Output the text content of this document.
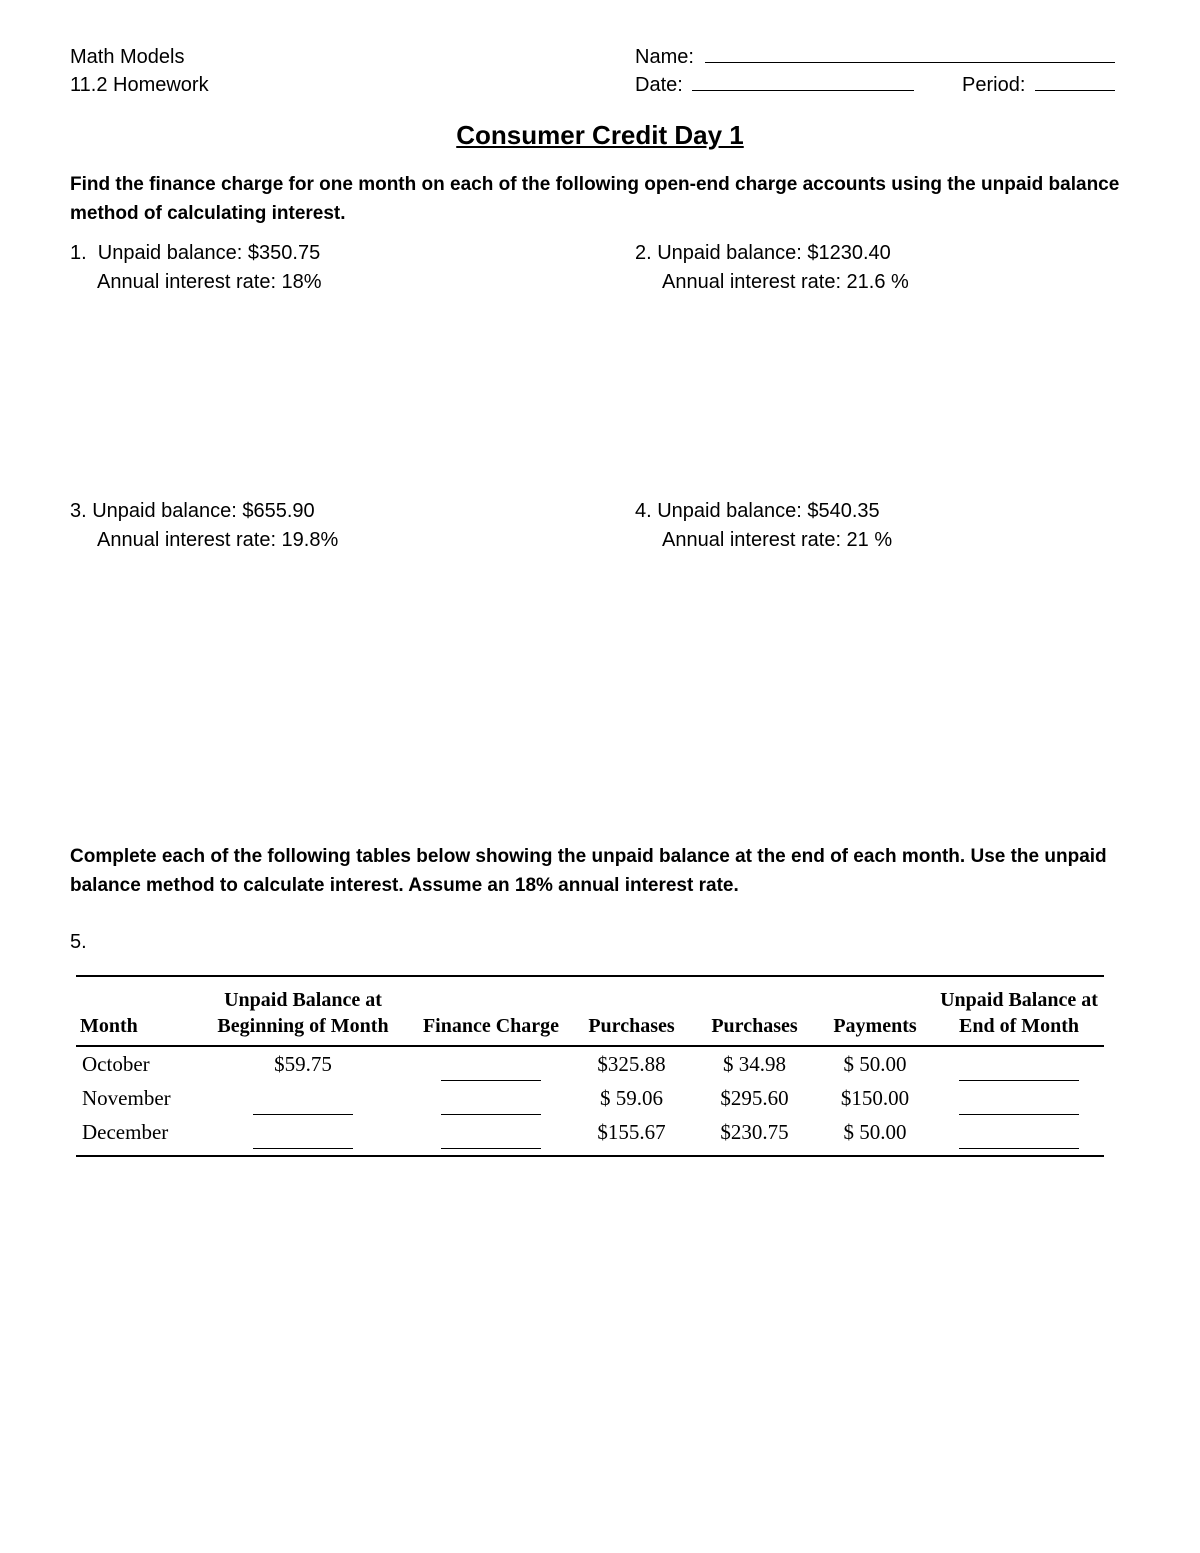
Math Models
11.2 Homework
Name:
Date:	Period:
Consumer Credit Day 1
Find the finance charge for one month on each of the following open-end charge accounts using the unpaid balance method of calculating interest.
1.  Unpaid balance: $350.75
Annual interest rate: 18%
2. Unpaid balance: $1230.40
Annual interest rate: 21.6 %
3. Unpaid balance: $655.90
Annual interest rate: 19.8%
4. Unpaid balance: $540.35
Annual interest rate: 21 %
Complete each of the following tables below showing the unpaid balance at the end of each month. Use the unpaid balance method to calculate interest. Assume an 18% annual interest rate.
5.
Month	Unpaid Balance at Beginning of Month	Finance Charge	Purchases	Purchases	Payments	Unpaid Balance at End of Month
October	$59.75		$325.88	$ 34.98	$ 50.00	
November			$ 59.06	$295.60	$150.00	
December			$155.67	$230.75	$ 50.00	
